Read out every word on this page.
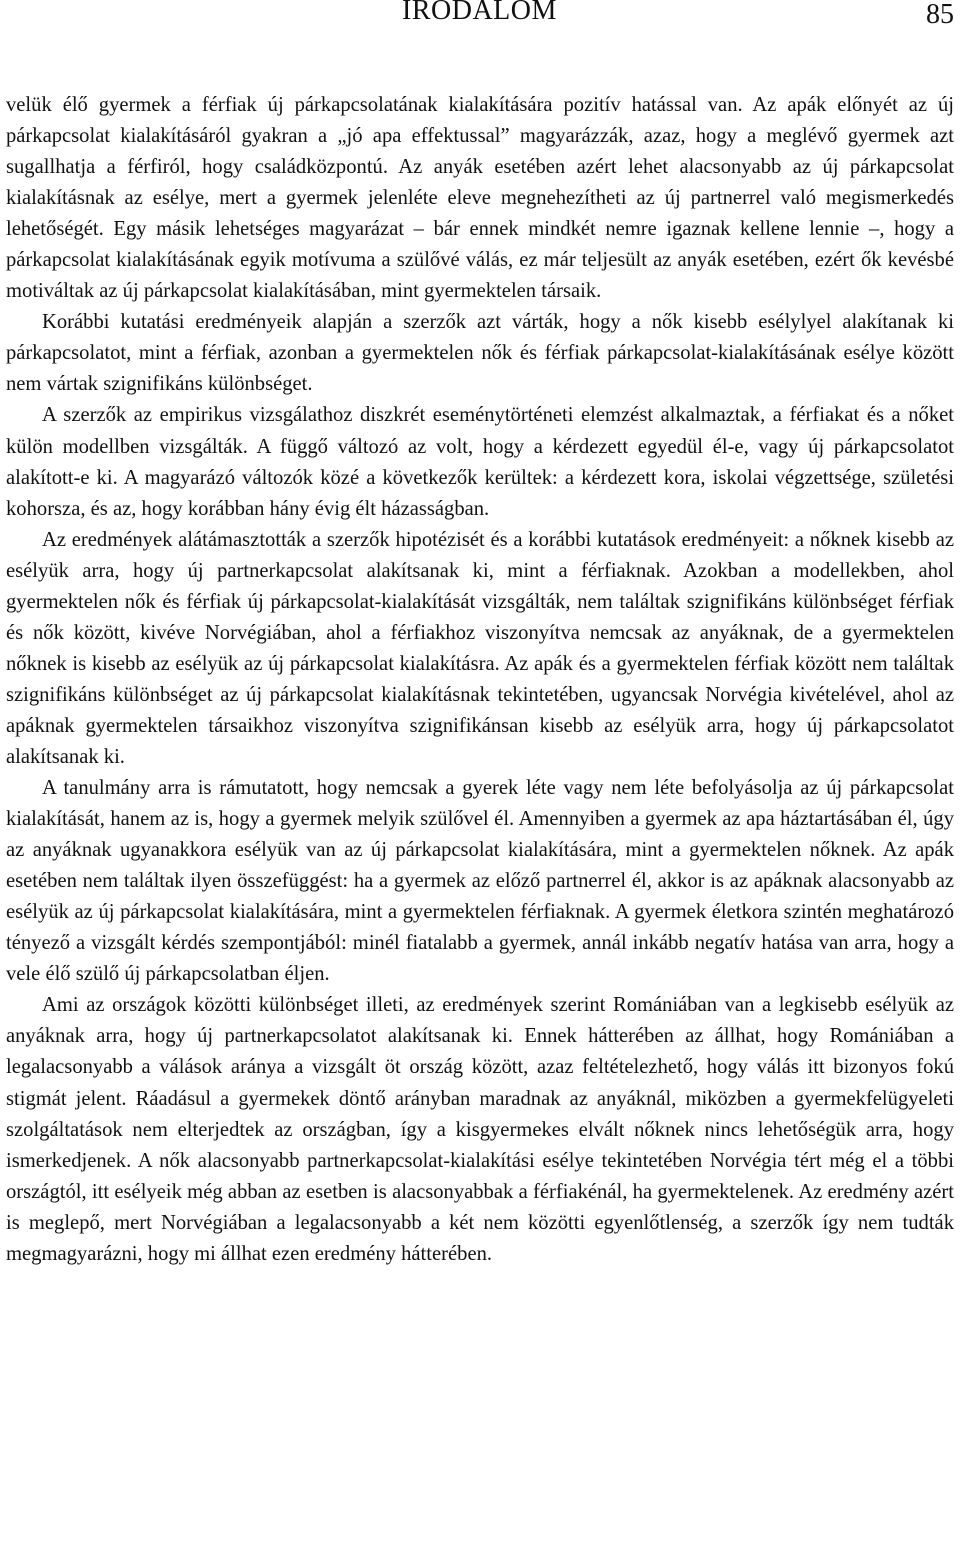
IRODALOM	85

velük élő gyermek a férfiak új párkapcsolatának kialakítására pozitív hatással van. Az apák előnyét az új párkapcsolat kialakításáról gyakran a „jó apa effektussal” magyarázzák, azaz, hogy a meglévő gyermek azt sugallhatja a férfiról, hogy családközpontú. Az anyák esetében azért lehet alacsonyabb az új párkapcsolat kialakításnak az esélye, mert a gyermek jelenléte eleve megnehezítheti az új partnerrel való megismerkedés lehetőségét. Egy másik lehetséges magyarázat – bár ennek mindkét nemre igaznak kellene lennie –, hogy a párkapcsolat kialakításának egyik motívuma a szülővé válás, ez már teljesült az anyák esetében, ezért ők kevésbé motiváltak az új párkapcsolat kialakításában, mint gyermektelen társaik.

Korábbi kutatási eredményeik alapján a szerzők azt várták, hogy a nők kisebb esélylyel alakítanak ki párkapcsolatot, mint a férfiak, azonban a gyermektelen nők és férfiak párkapcsolat-kialakításának esélye között nem vártak szignifikáns különbséget.

A szerzők az empirikus vizsgálathoz diszkrét eseménytörténeti elemzést alkalmaztak, a férfiakat és a nőket külön modellben vizsgálták. A függő változó az volt, hogy a kérdezett egyedül él-e, vagy új párkapcsolatot alakított-e ki. A magyarázó változók közé a következők kerültek: a kérdezett kora, iskolai végzettsége, születési kohorsza, és az, hogy korábban hány évig élt házasságban.

Az eredmények alátámasztották a szerzők hipotézisét és a korábbi kutatások eredményeit: a nőknek kisebb az esélyük arra, hogy új partnerkapcsolat alakítsanak ki, mint a férfiaknak. Azokban a modellekben, ahol gyermektelen nők és férfiak új párkapcsolat-kialakítását vizsgálták, nem találtak szignifikáns különbséget férfiak és nők között, kivéve Norvégiában, ahol a férfiakhoz viszonyítva nemcsak az anyáknak, de a gyermektelen nőknek is kisebb az esélyük az új párkapcsolat kialakításra. Az apák és a gyermektelen férfiak között nem találtak szignifikáns különbséget az új párkapcsolat kialakításnak tekintetében, ugyancsak Norvégia kivételével, ahol az apáknak gyermektelen társaikhoz viszonyítva szignifikánsan kisebb az esélyük arra, hogy új párkapcsolatot alakítsanak ki.

A tanulmány arra is rámutatott, hogy nemcsak a gyerek léte vagy nem léte befolyásolja az új párkapcsolat kialakítását, hanem az is, hogy a gyermek melyik szülővel él. Amennyiben a gyermek az apa háztartásában él, úgy az anyáknak ugyanakkora esélyük van az új párkapcsolat kialakítására, mint a gyermektelen nőknek. Az apák esetében nem találtak ilyen összefüggést: ha a gyermek az előző partnerrel él, akkor is az apáknak alacsonyabb az esélyük az új párkapcsolat kialakítására, mint a gyermektelen férfiaknak. A gyermek életkora szintén meghatározó tényező a vizsgált kérdés szempontjából: minél fiatalabb a gyermek, annál inkább negatív hatása van arra, hogy a vele élő szülő új párkapcsolatban éljen.

Ami az országok közötti különbséget illeti, az eredmények szerint Romániában van a legkisebb esélyük az anyáknak arra, hogy új partnerkapcsolatot alakítsanak ki. Ennek hátterében az állhat, hogy Romániában a legalacsonyabb a válások aránya a vizsgált öt ország között, azaz feltételezhető, hogy válás itt bizonyos fokú stigmát jelent. Ráadásul a gyermekek döntő arányban maradnak az anyáknál, miközben a gyermekfelügyeleti szolgáltatások nem elterjedtek az országban, így a kisgyermekes elvált nőknek nincs lehetőségük arra, hogy ismerkedjenek. A nők alacsonyabb partnerkapcsolat-kialakítási esélye tekintetében Norvégia tért még el a többi országtól, itt esélyeik még abban az esetben is alacsonyabbak a férfiakénál, ha gyermektelenek. Az eredmény azért is meglepő, mert Norvégiában a legalacsonyabb a két nem közötti egyenlőtlenség, a szerzők így nem tudták megmagyarázni, hogy mi állhat ezen eredmény hátterében.
